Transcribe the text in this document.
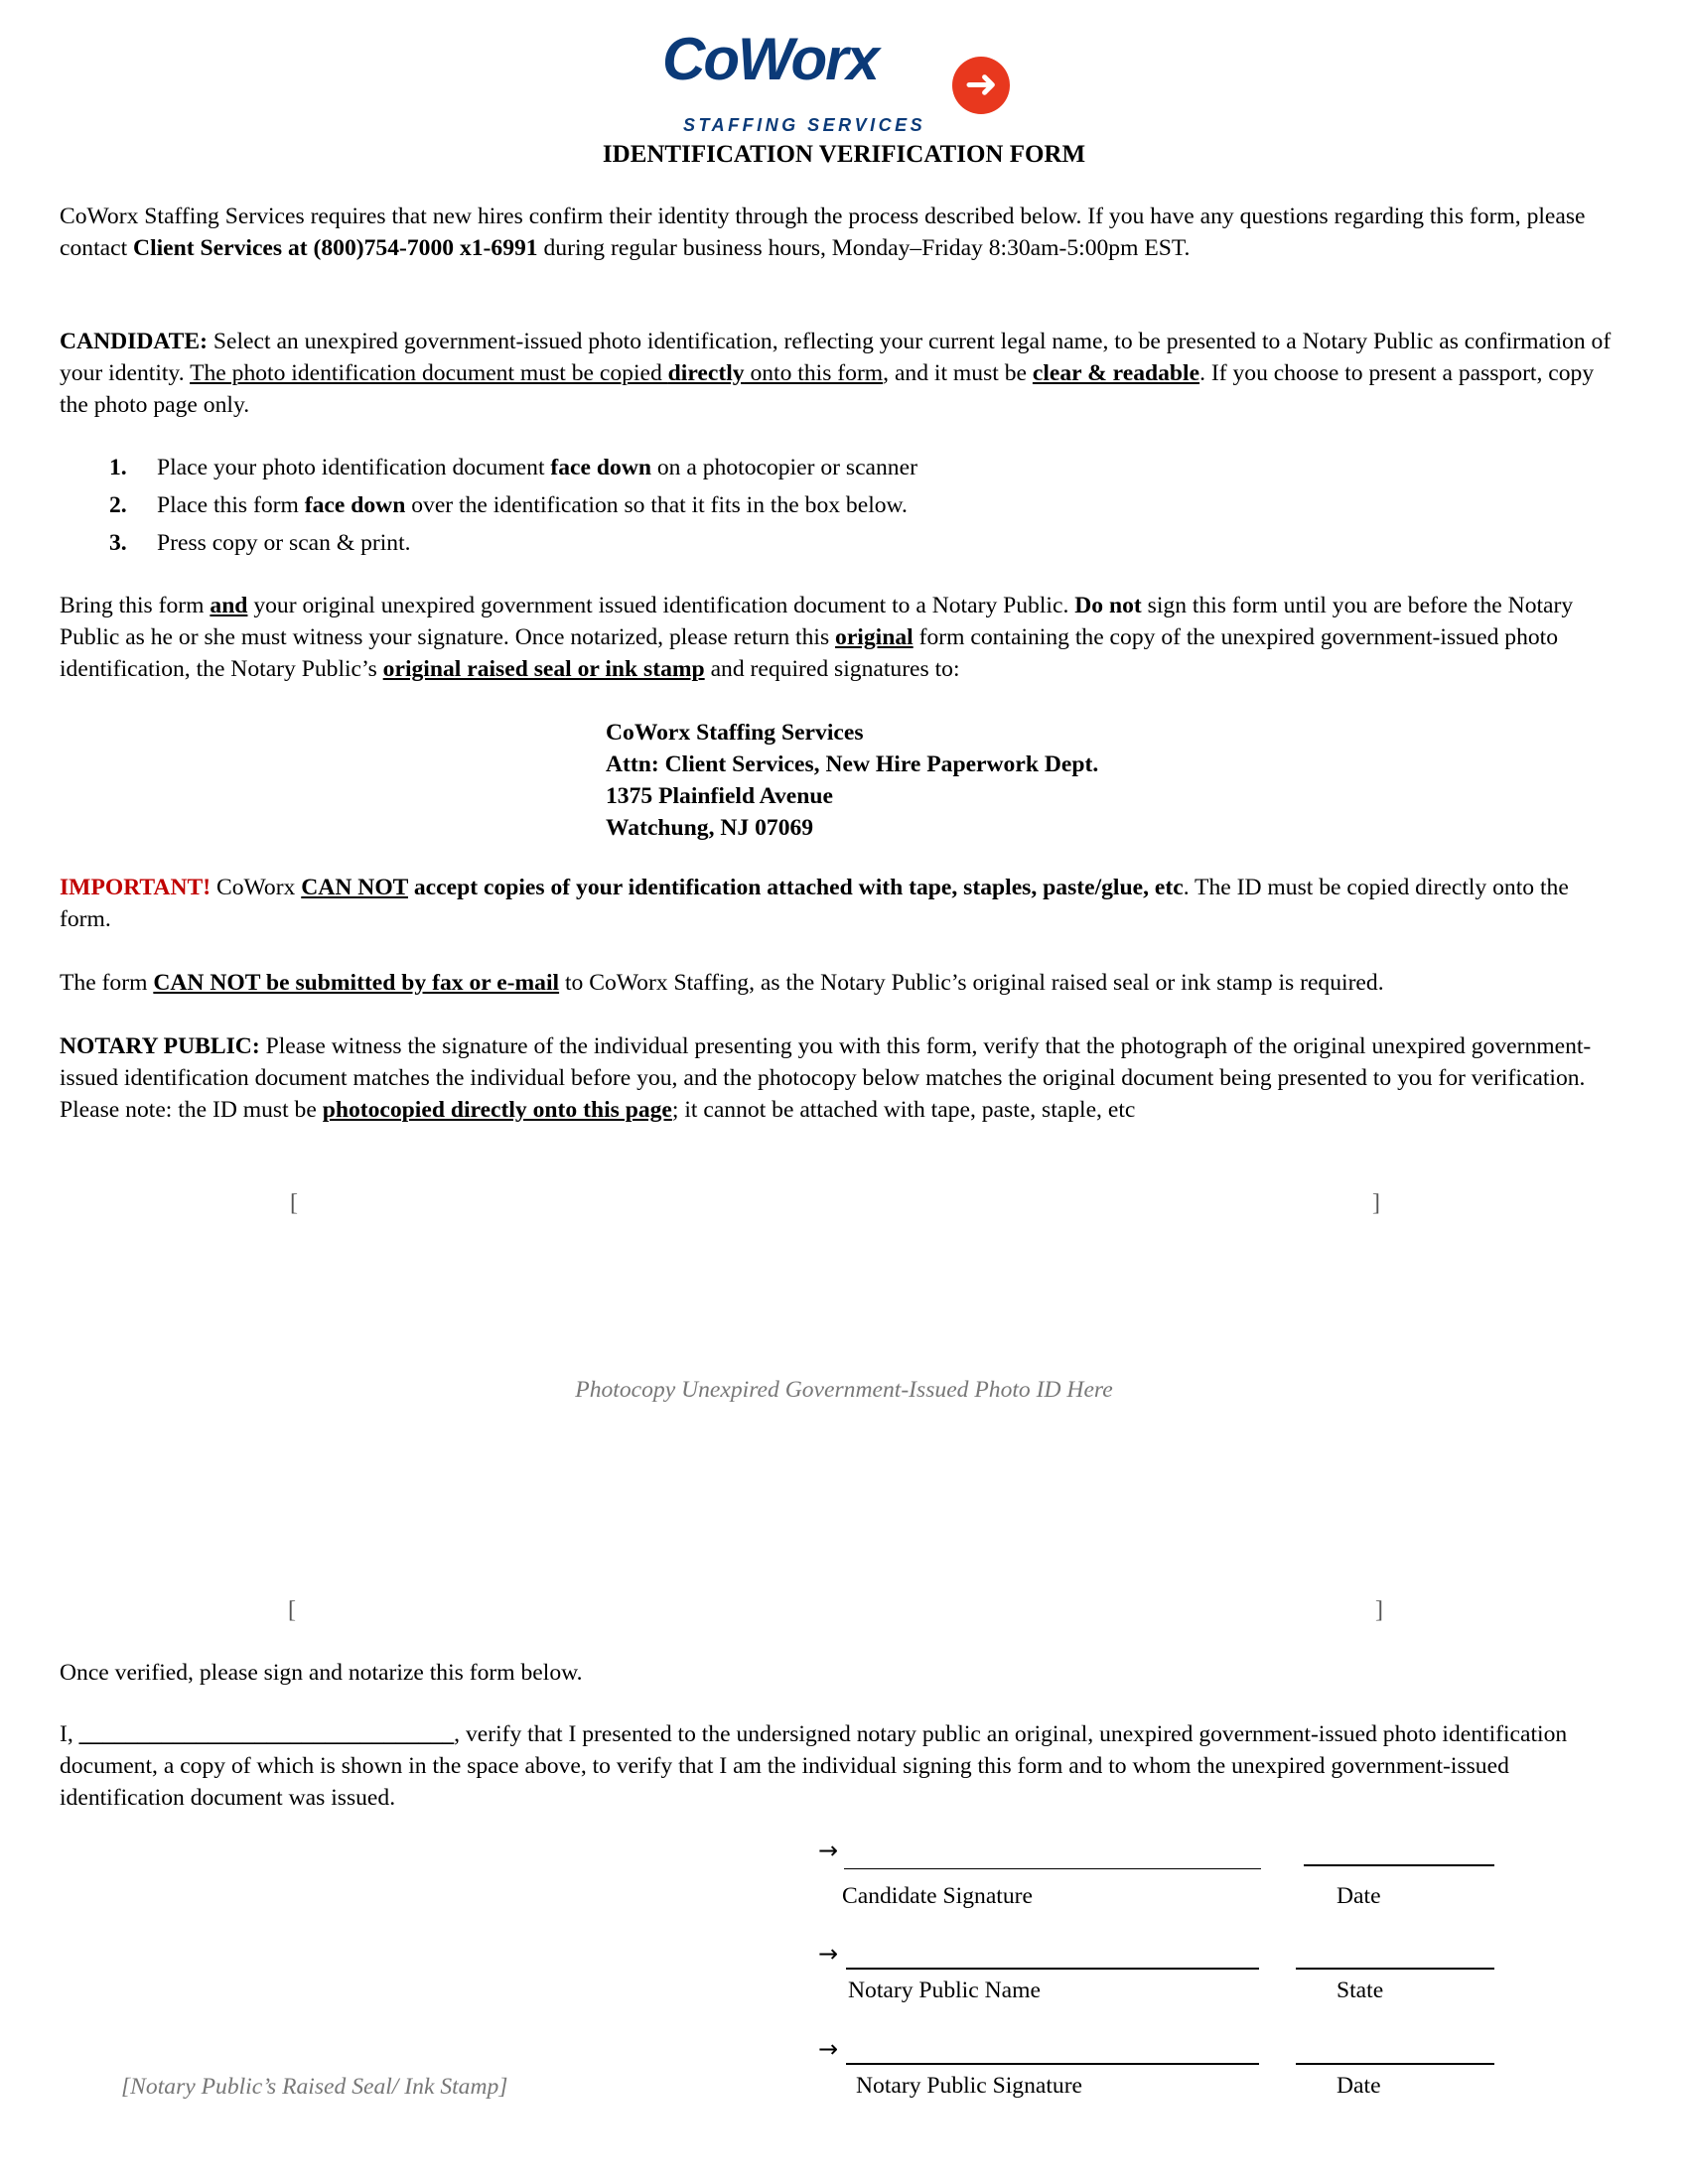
CoWorx
STAFFING SERVICES
➜
IDENTIFICATION VERIFICATION FORM
CoWorx Staffing Services requires that new hires confirm their identity through the process described below. If you have any questions regarding this form, please contact Client Services at (800)754-7000 x1-6991 during regular business hours, Monday–Friday 8:30am-5:00pm EST.
CANDIDATE: Select an unexpired government-issued photo identification, reflecting your current legal name, to be presented to a Notary Public as confirmation of your identity. The photo identification document must be copied directly onto this form, and it must be clear & readable. If you choose to present a passport, copy the photo page only.
1. Place your photo identification document face down on a photocopier or scanner
2. Place this form face down over the identification so that it fits in the box below.
3. Press copy or scan & print.
Bring this form and your original unexpired government issued identification document to a Notary Public. Do not sign this form until you are before the Notary Public as he or she must witness your signature. Once notarized, please return this original form containing the copy of the unexpired government-issued photo identification, the Notary Public’s original raised seal or ink stamp and required signatures to:
CoWorx Staffing Services
Attn: Client Services, New Hire Paperwork Dept.
1375 Plainfield Avenue
Watchung, NJ 07069
IMPORTANT! CoWorx CAN NOT accept copies of your identification attached with tape, staples, paste/glue, etc. The ID must be copied directly onto the form.
The form CAN NOT be submitted by fax or e-mail to CoWorx Staffing, as the Notary Public’s original raised seal or ink stamp is required.
NOTARY PUBLIC: Please witness the signature of the individual presenting you with this form, verify that the photograph of the original unexpired government-issued identification document matches the individual before you, and the photocopy below matches the original document being presented to you for verification. Please note: the ID must be photocopied directly onto this page; it cannot be attached with tape, paste, staple, etc
[	]
Photocopy Unexpired Government-Issued Photo ID Here
[	]
Once verified, please sign and notarize this form below.
I, ________________________________, verify that I presented to the undersigned notary public an original, unexpired government-issued photo identification document, a copy of which is shown in the space above, to verify that I am the individual signing this form and to whom the unexpired government-issued identification document was issued.
→
Candidate Signature	Date
→
Notary Public Name	State
→
Notary Public Signature	Date
[Notary Public’s Raised Seal/ Ink Stamp]
